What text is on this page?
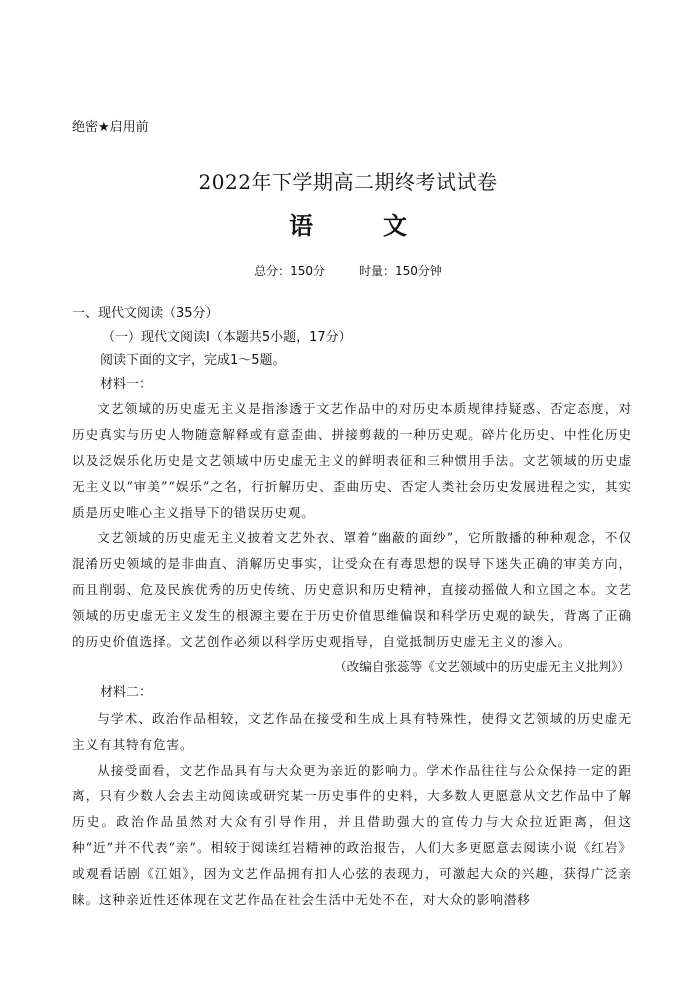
绝密★启用前
2022年下学期高二期终考试试卷
语	文
总分：150分	时量：150分钟
一、现代文阅读（35分）
（一）现代文阅读Ⅰ（本题共5小题，17分）
阅读下面的文字，完成1～5题。
材料一：

文艺领域的历史虚无主义是指渗透于文艺作品中的对历史本质规律持疑惑、否定态度，对历史真实与历史人物随意解释或有意歪曲、拼接剪裁的一种历史观。碎片化历史、中性化历史以及泛娱乐化历史是文艺领域中历史虚无主义的鲜明表征和三种惯用手法。文艺领域的历史虚无主义以“审美”“娱乐”之名，行折解历史、歪曲历史、否定人类社会历史发展进程之实，其实质是历史唯心主义指导下的错误历史观。

文艺领域的历史虚无主义披着文艺外衣、罩着“幽蔽的面纱”，它所散播的种种观念，不仅混淆历史领域的是非曲直、消解历史事实，让受众在有毒思想的误导下迷失正确的审美方向，而且削弱、危及民族优秀的历史传统、历史意识和历史精神，直接动摇做人和立国之本。文艺领域的历史虚无主义发生的根源主要在于历史价值思维偏误和科学历史观的缺失，背离了正确的历史价值选择。文艺创作必须以科学历史观指导，自觉抵制历史虚无主义的渗入。

（改编自张蕊等《文艺领域中的历史虚无主义批判》）
材料二：

与学术、政治作品相较，文艺作品在接受和生成上具有特殊性，使得文艺领域的历史虚无主义有其特有危害。

从接受面看，文艺作品具有与大众更为亲近的影响力。学术作品往往与公众保持一定的距离，只有少数人会去主动阅读或研究某一历史事件的史料，大多数人更愿意从文艺作品中了解历史。政治作品虽然对大众有引导作用，并且借助强大的宣传力与大众拉近距离，但这种“近”并不代表“亲”。相较于阅读红岩精神的政治报告，人们大多更愿意去阅读小说《红岩》或观看话剧《江姐》，因为文艺作品拥有扣人心弦的表现力，可激起大众的兴趣，获得广泛亲睐。这种亲近性还体现在文艺作品在社会生活中无处不在，对大众的影响潜移
